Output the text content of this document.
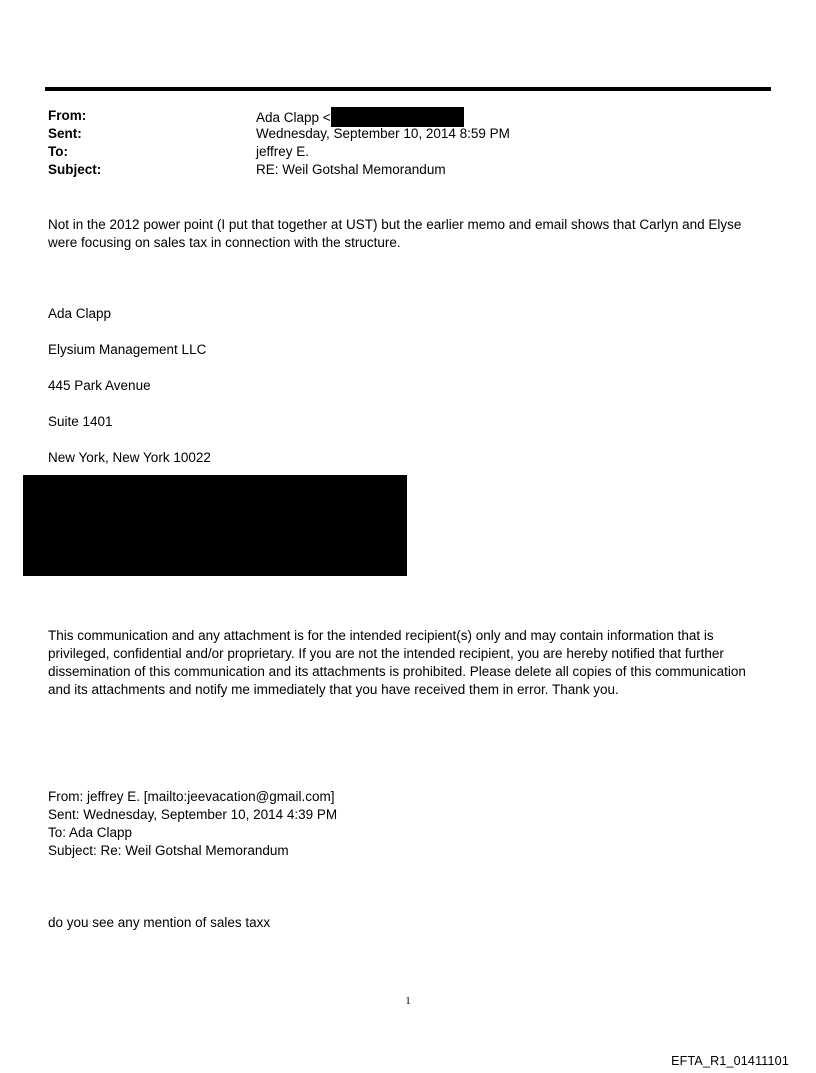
From:	Ada Clapp <
Sent:	Wednesday, September 10, 2014 8:59 PM
To:	jeffrey E.
Subject:	RE: Weil Gotshal Memorandum
Not in the 2012 power point (I put that together at UST) but the earlier memo and email shows that Carlyn and Elyse
were focusing on sales tax in connection with the structure.
Ada Clapp
Elysium Management LLC
445 Park Avenue
Suite 1401
New York, New York 10022
This communication and any attachment is for the intended recipient(s) only and may contain information that is
privileged, confidential and/or proprietary. If you are not the intended recipient, you are hereby notified that further
dissemination of this communication and its attachments is prohibited. Please delete all copies of this communication
and its attachments and notify me immediately that you have received them in error. Thank you.
From: jeffrey E. [mailto:jeevacation@gmail.com]
Sent: Wednesday, September 10, 2014 4:39 PM
To: Ada Clapp
Subject: Re: Weil Gotshal Memorandum
do you see any mention of sales taxx
1
EFTA_R1_01411101
